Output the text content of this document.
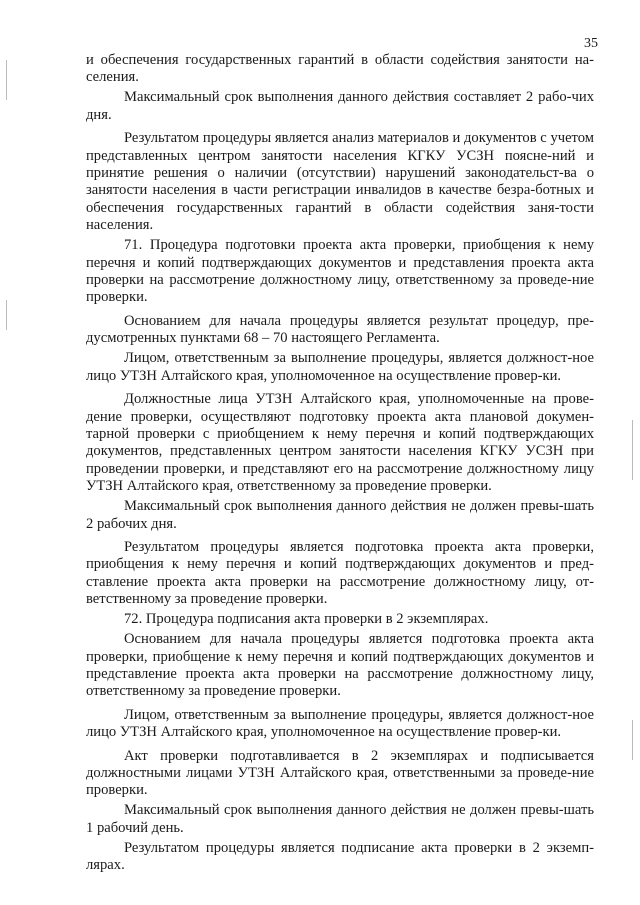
35

и обеспечения государственных гарантий в области содействия занятости на-селения.

Максимальный срок выполнения данного действия составляет 2 рабо-чих дня.

Результатом процедуры является анализ материалов и документов с учетом представленных центром занятости населения КГКУ УСЗН поясне-ний и принятие решения о наличии (отсутствии) нарушений законодательст-ва о занятости населения в части регистрации инвалидов в качестве безра-ботных и обеспечения государственных гарантий в области содействия заня-тости населения.

71. Процедура подготовки проекта акта проверки, приобщения к нему перечня и копий подтверждающих документов и представления проекта акта проверки на рассмотрение должностному лицу, ответственному за проведе-ние проверки.

Основанием для начала процедуры является результат процедур, пре-дусмотренных пунктами 68 – 70 настоящего Регламента.

Лицом, ответственным за выполнение процедуры, является должност-ное лицо УТЗН Алтайского края, уполномоченное на осуществление провер-ки.

Должностные лица УТЗН Алтайского края, уполномоченные на прове-дение проверки, осуществляют подготовку проекта акта плановой докумен-тарной проверки с приобщением к нему перечня и копий подтверждающих документов, представленных центром занятости населения КГКУ УСЗН при проведении проверки, и представляют его на рассмотрение должностному лицу УТЗН Алтайского края, ответственному за проведение проверки.

Максимальный срок выполнения данного действия не должен превы-шать 2 рабочих дня.

Результатом процедуры является подготовка проекта акта проверки, приобщения к нему перечня и копий подтверждающих документов и пред-ставление проекта акта проверки на рассмотрение должностному лицу, от-ветственному за проведение проверки.

72. Процедура подписания акта проверки в 2 экземплярах.

Основанием для начала процедуры является подготовка проекта акта проверки, приобщение к нему перечня и копий подтверждающих документов и представление проекта акта проверки на рассмотрение должностному лицу, ответственному за проведение проверки.

Лицом, ответственным за выполнение процедуры, является должност-ное лицо УТЗН Алтайского края, уполномоченное на осуществление провер-ки.

Акт проверки подготавливается в 2 экземплярах и подписывается должностными лицами УТЗН Алтайского края, ответственными за проведе-ние проверки.

Максимальный срок выполнения данного действия не должен превы-шать 1 рабочий день.

Результатом процедуры является подписание акта проверки в 2 экземп-лярах.
